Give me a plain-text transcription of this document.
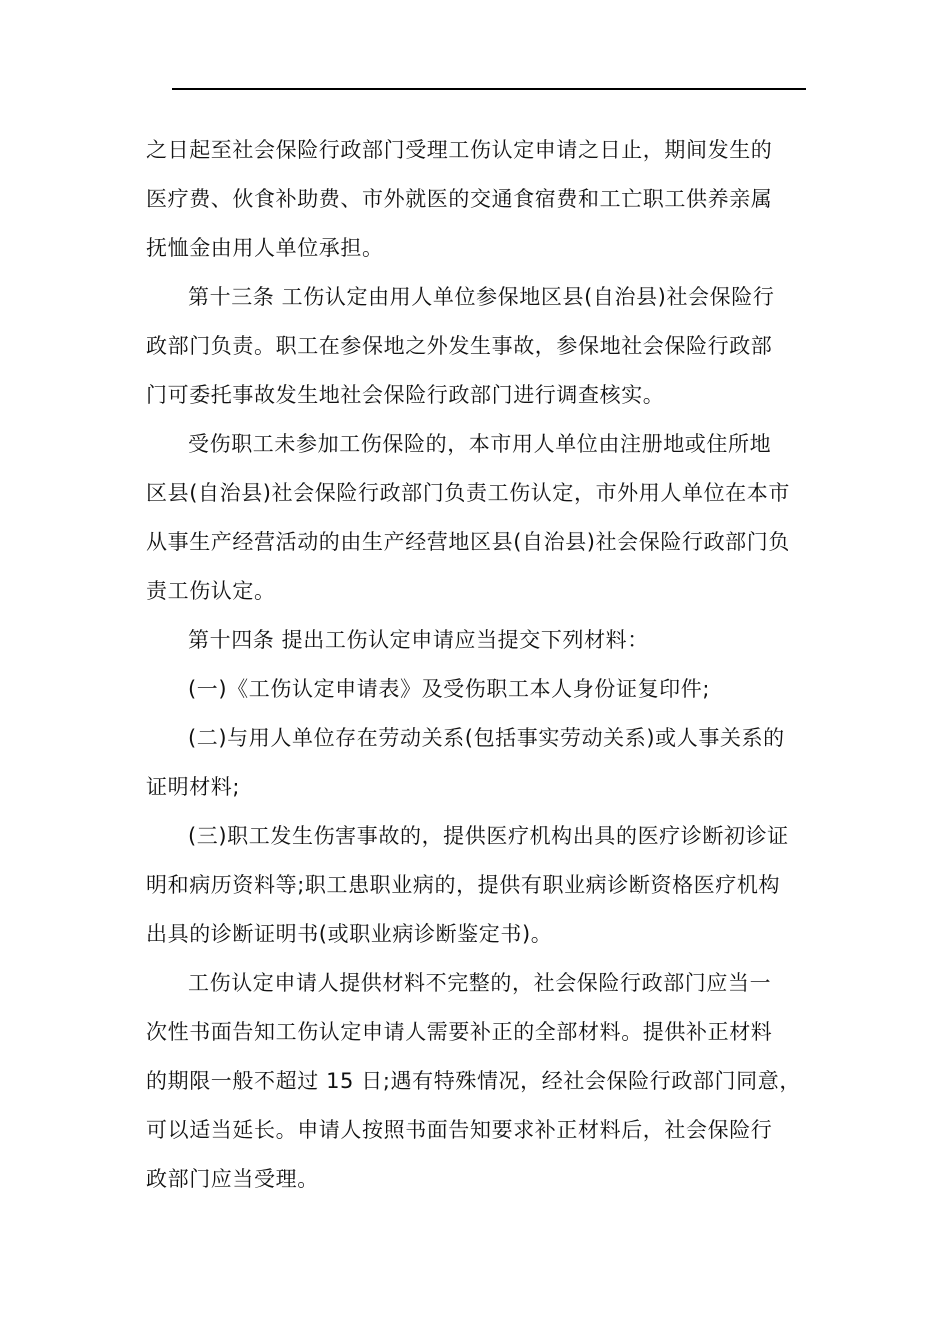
之日起至社会保险行政部门受理工伤认定申请之日止，期间发生的
医疗费、伙食补助费、市外就医的交通食宿费和工亡职工供养亲属
抚恤金由用人单位承担。

第十三条 工伤认定由用人单位参保地区县(自治县)社会保险行
政部门负责。职工在参保地之外发生事故，参保地社会保险行政部
门可委托事故发生地社会保险行政部门进行调查核实。

受伤职工未参加工伤保险的，本市用人单位由注册地或住所地
区县(自治县)社会保险行政部门负责工伤认定，市外用人单位在本市
从事生产经营活动的由生产经营地区县(自治县)社会保险行政部门负
责工伤认定。

第十四条 提出工伤认定申请应当提交下列材料：

(一)《工伤认定申请表》及受伤职工本人身份证复印件;

(二)与用人单位存在劳动关系(包括事实劳动关系)或人事关系的
证明材料;

(三)职工发生伤害事故的，提供医疗机构出具的医疗诊断初诊证
明和病历资料等;职工患职业病的，提供有职业病诊断资格医疗机构
出具的诊断证明书(或职业病诊断鉴定书)。

工伤认定申请人提供材料不完整的，社会保险行政部门应当一
次性书面告知工伤认定申请人需要补正的全部材料。提供补正材料
的期限一般不超过 15 日;遇有特殊情况，经社会保险行政部门同意，
可以适当延长。申请人按照书面告知要求补正材料后，社会保险行
政部门应当受理。
